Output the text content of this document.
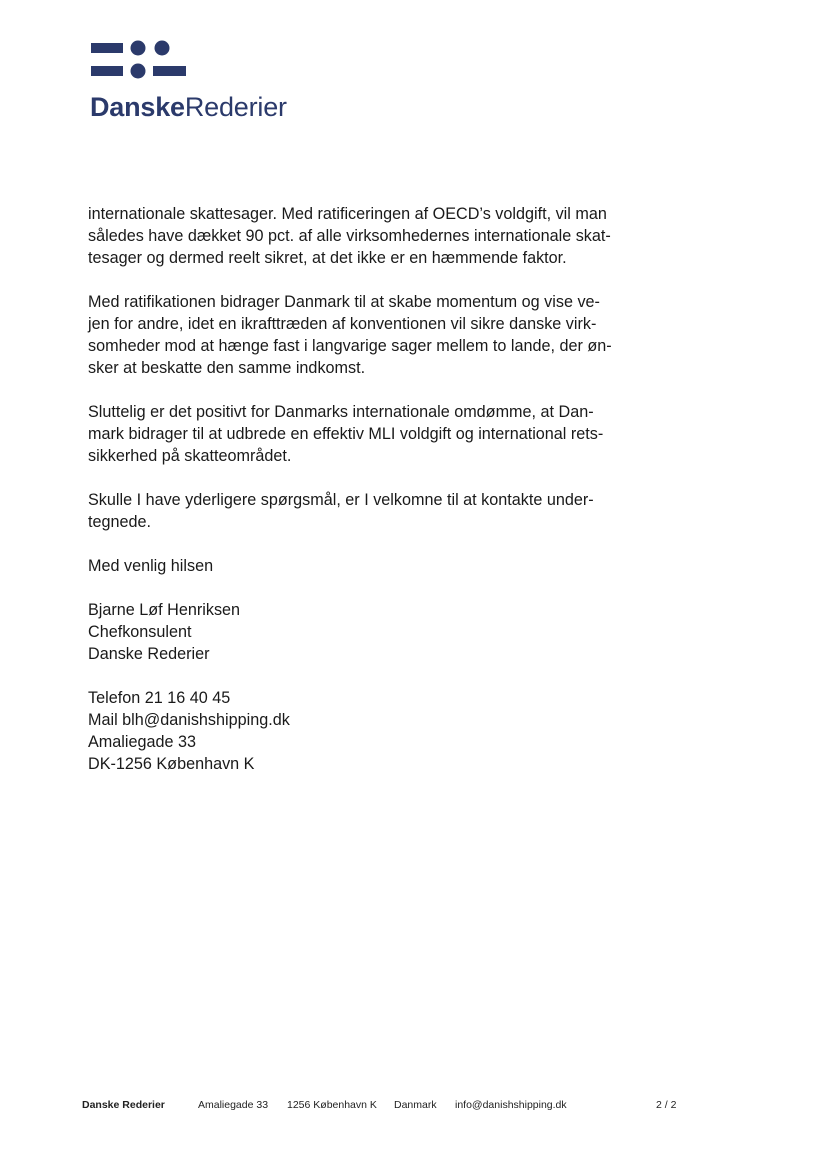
DanskeRederier
internationale skattesager. Med ratificeringen af OECD’s voldgift, vil man
således have dækket 90 pct. af alle virksomhedernes internationale skat-
tesager og dermed reelt sikret, at det ikke er en hæmmende faktor.
Med ratifikationen bidrager Danmark til at skabe momentum og vise ve-
jen for andre, idet en ikrafttræden af konventionen vil sikre danske virk-
somheder mod at hænge fast i langvarige sager mellem to lande, der øn-
sker at beskatte den samme indkomst.
Sluttelig er det positivt for Danmarks internationale omdømme, at Dan-
mark bidrager til at udbrede en effektiv MLI voldgift og international rets-
sikkerhed på skatteområdet.
Skulle I have yderligere spørgsmål, er I velkomne til at kontakte under-
tegnede.
Med venlig hilsen
Bjarne Løf Henriksen
Chefkonsulent
Danske Rederier
Telefon 21 16 40 45
Mail blh@danishshipping.dk
Amaliegade 33
DK-1256 København K
Danske Rederier	Amaliegade 33 1256 København K Danmark info@danishshipping.dk	2 / 2
